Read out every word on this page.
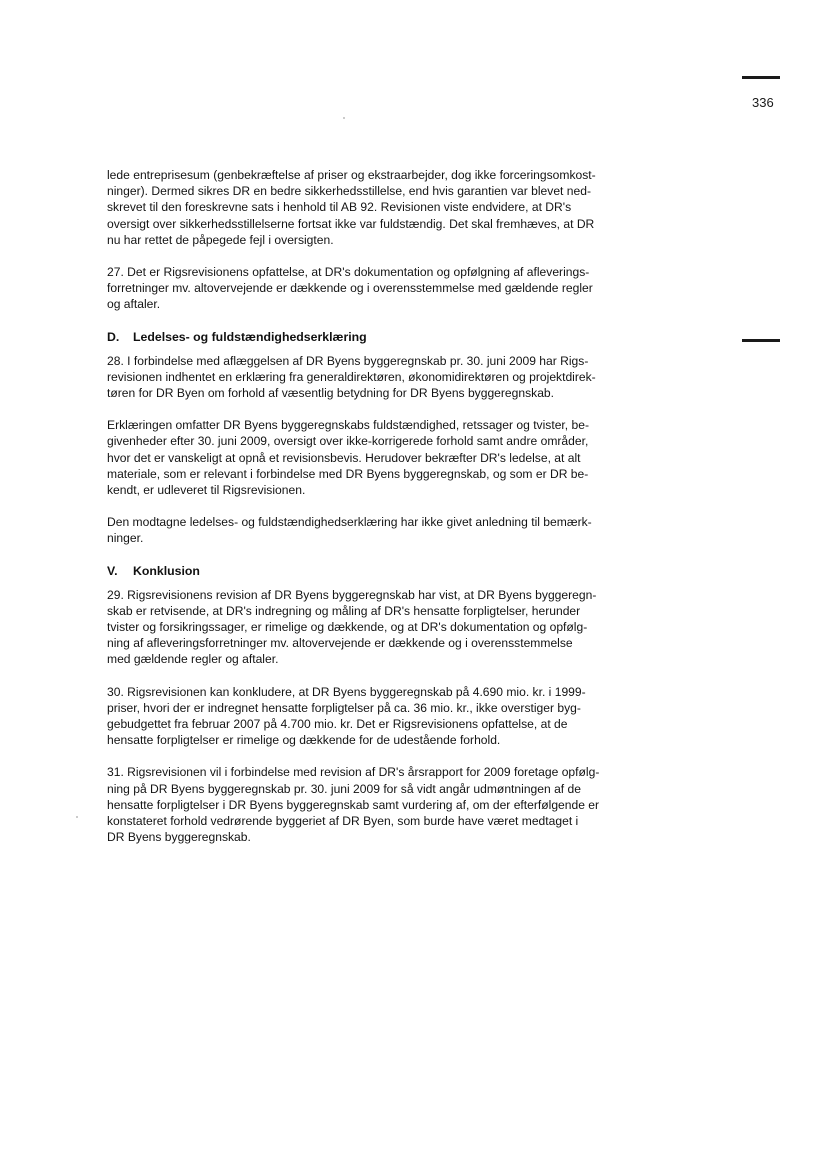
336

lede entreprisesum (genbekræftelse af priser og ekstraarbejder, dog ikke forceringsomkost-
ninger). Dermed sikres DR en bedre sikkerhedsstillelse, end hvis garantien var blevet ned-
skrevet til den foreskrevne sats i henhold til AB 92. Revisionen viste endvidere, at DR's
oversigt over sikkerhedsstillelserne fortsat ikke var fuldstændig. Det skal fremhæves, at DR
nu har rettet de påpegede fejl i oversigten.

27. Det er Rigsrevisionens opfattelse, at DR's dokumentation og opfølgning af afleverings-
forretninger mv. altovervejende er dækkende og i overensstemmelse med gældende regler
og aftaler.

D. Ledelses- og fuldstændighedserklæring

28. I forbindelse med aflæggelsen af DR Byens byggeregnskab pr. 30. juni 2009 har Rigs-
revisionen indhentet en erklæring fra generaldirektøren, økonomidirektøren og projektdirek-
tøren for DR Byen om forhold af væsentlig betydning for DR Byens byggeregnskab.

Erklæringen omfatter DR Byens byggeregnskabs fuldstændighed, retssager og tvister, be-
givenheder efter 30. juni 2009, oversigt over ikke-korrigerede forhold samt andre områder,
hvor det er vanskeligt at opnå et revisionsbevis. Herudover bekræfter DR's ledelse, at alt
materiale, som er relevant i forbindelse med DR Byens byggeregnskab, og som er DR be-
kendt, er udleveret til Rigsrevisionen.

Den modtagne ledelses- og fuldstændighedserklæring har ikke givet anledning til bemærk-
ninger.

V. Konklusion

29. Rigsrevisionens revision af DR Byens byggeregnskab har vist, at DR Byens byggeregn-
skab er retvisende, at DR's indregning og måling af DR's hensatte forpligtelser, herunder
tvister og forsikringssager, er rimelige og dækkende, og at DR's dokumentation og opfølg-
ning af afleveringsforretninger mv. altovervejende er dækkende og i overensstemmelse
med gældende regler og aftaler.

30. Rigsrevisionen kan konkludere, at DR Byens byggeregnskab på 4.690 mio. kr. i 1999-
priser, hvori der er indregnet hensatte forpligtelser på ca. 36 mio. kr., ikke overstiger byg-
gebudgettet fra februar 2007 på 4.700 mio. kr. Det er Rigsrevisionens opfattelse, at de
hensatte forpligtelser er rimelige og dækkende for de udestående forhold.

31. Rigsrevisionen vil i forbindelse med revision af DR's årsrapport for 2009 foretage opfølg-
ning på DR Byens byggeregnskab pr. 30. juni 2009 for så vidt angår udmøntningen af de
hensatte forpligtelser i DR Byens byggeregnskab samt vurdering af, om der efterfølgende er
konstateret forhold vedrørende byggeriet af DR Byen, som burde have været medtaget i
DR Byens byggeregnskab.
